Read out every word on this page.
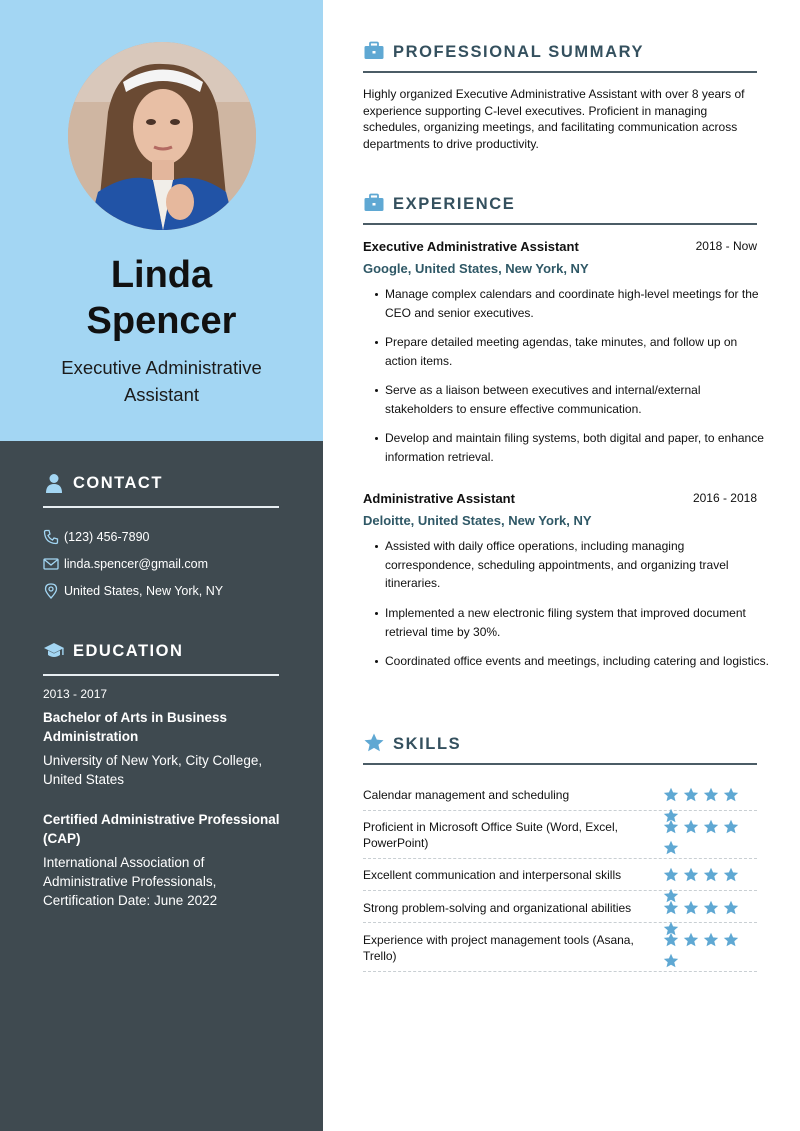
Linda
Spencer
Executive Administrative Assistant
CONTACT
(123) 456-7890
linda.spencer@gmail.com
United States, New York, NY
EDUCATION
2013 - 2017
Bachelor of Arts in Business Administration
University of New York, City College, United States
Certified Administrative Professional (CAP)
International Association of Administrative Professionals, Certification Date: June 2022
PROFESSIONAL SUMMARY
Highly organized Executive Administrative Assistant with over 8 years of experience supporting C-level executives. Proficient in managing schedules, organizing meetings, and facilitating communication across departments to drive productivity.
EXPERIENCE
Executive Administrative Assistant	2018 - Now
Google, United States, New York, NY
Manage complex calendars and coordinate high-level meetings for the CEO and senior executives.
Prepare detailed meeting agendas, take minutes, and follow up on action items.
Serve as a liaison between executives and internal/external stakeholders to ensure effective communication.
Develop and maintain filing systems, both digital and paper, to enhance information retrieval.
Administrative Assistant	2016 - 2018
Deloitte, United States, New York, NY
Assisted with daily office operations, including managing correspondence, scheduling appointments, and organizing travel itineraries.
Implemented a new electronic filing system that improved document retrieval time by 30%.
Coordinated office events and meetings, including catering and logistics.
SKILLS
Calendar management and scheduling
Proficient in Microsoft Office Suite (Word, Excel, PowerPoint)
Excellent communication and interpersonal skills
Strong problem-solving and organizational abilities
Experience with project management tools (Asana, Trello)
